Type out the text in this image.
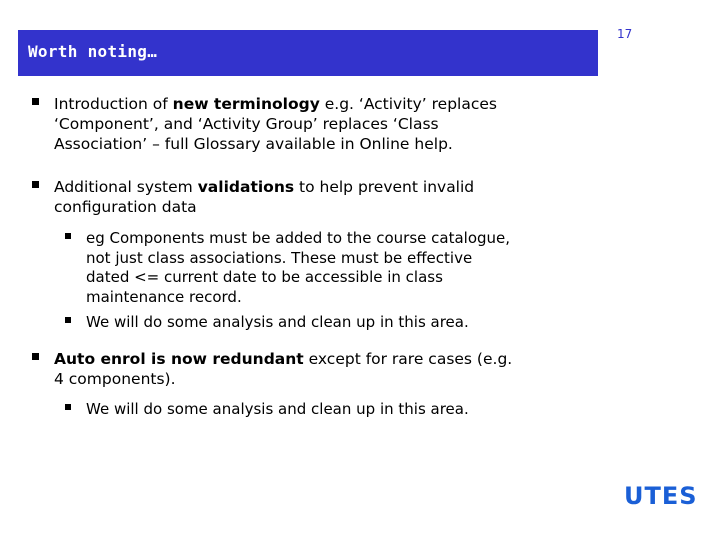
Worth noting…
17
Introduction of new terminology e.g. ‘Activity’ replaces
‘Component’, and ‘Activity Group’ replaces ‘Class
Association’ – full Glossary available in Online help.
Additional system validations to help prevent invalid
configuration data
eg Components must be added to the course catalogue,
not just class associations. These must be effective
dated <= current date to be accessible in class
maintenance record.
We will do some analysis and clean up in this area.
Auto enrol is now redundant except for rare cases (e.g.
4 components).
We will do some analysis and clean up in this area.
UTES
